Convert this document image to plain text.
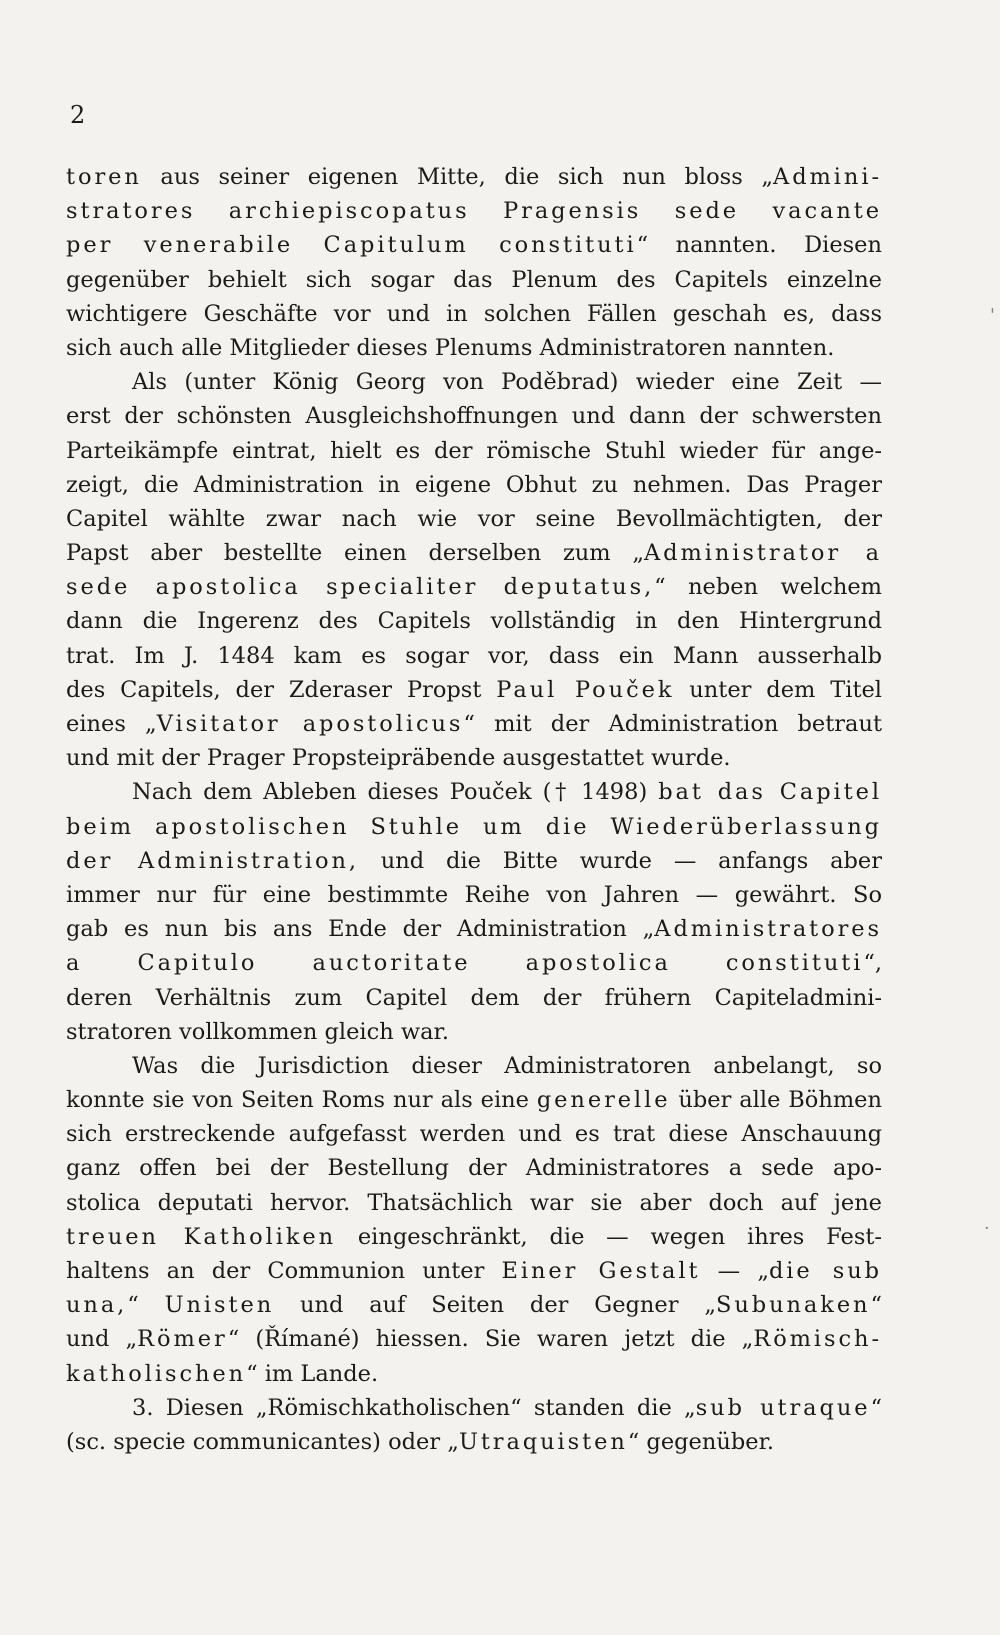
2
toren aus seiner eigenen Mitte, die sich nun bloss „Admini-
stratores archiepiscopatus Pragensis sede vacante
per venerabile Capitulum constituti“ nannten. Diesen
gegenüber behielt sich sogar das Plenum des Capitels einzelne
wichtigere Geschäfte vor und in solchen Fällen geschah es, dass
sich auch alle Mitglieder dieses Plenums Administratoren nannten.
Als (unter König Georg von Poděbrad) wieder eine Zeit —
erst der schönsten Ausgleichshoffnungen und dann der schwersten
Parteikämpfe eintrat, hielt es der römische Stuhl wieder für ange-
zeigt, die Administration in eigene Obhut zu nehmen. Das Prager
Capitel wählte zwar nach wie vor seine Bevollmächtigten, der
Papst aber bestellte einen derselben zum „Administrator a
sede apostolica specialiter deputatus,“ neben welchem
dann die Ingerenz des Capitels vollständig in den Hintergrund
trat. Im J. 1484 kam es sogar vor, dass ein Mann ausserhalb
des Capitels, der Zderaser Propst Paul Pouček unter dem Titel
eines „Visitator apostolicus“ mit der Administration betraut
und mit der Prager Propsteipräbende ausgestattet wurde.
Nach dem Ableben dieses Pouček († 1498) bat das Capitel
beim apostolischen Stuhle um die Wiederüberlassung
der Administration, und die Bitte wurde — anfangs aber
immer nur für eine bestimmte Reihe von Jahren — gewährt. So
gab es nun bis ans Ende der Administration „Administratores
a Capitulo auctoritate apostolica constituti“,
deren Verhältnis zum Capitel dem der frühern Capiteladmini-
stratoren vollkommen gleich war.
Was die Jurisdiction dieser Administratoren anbelangt, so
konnte sie von Seiten Roms nur als eine generelle über alle Böhmen
sich erstreckende aufgefasst werden und es trat diese Anschauung
ganz offen bei der Bestellung der Administratores a sede apo-
stolica deputati hervor. Thatsächlich war sie aber doch auf jene
treuen Katholiken eingeschränkt, die — wegen ihres Fest-
haltens an der Communion unter Einer Gestalt — „die sub
una,“ Unisten und auf Seiten der Gegner „Subunaken“
und „Römer“ (Římané) hiessen. Sie waren jetzt die „Römisch-
katholischen“ im Lande.
3. Diesen „Römischkatholischen“ standen die „sub utraque“
(sc. specie communicantes) oder „Utraquisten“ gegenüber.
'
·
